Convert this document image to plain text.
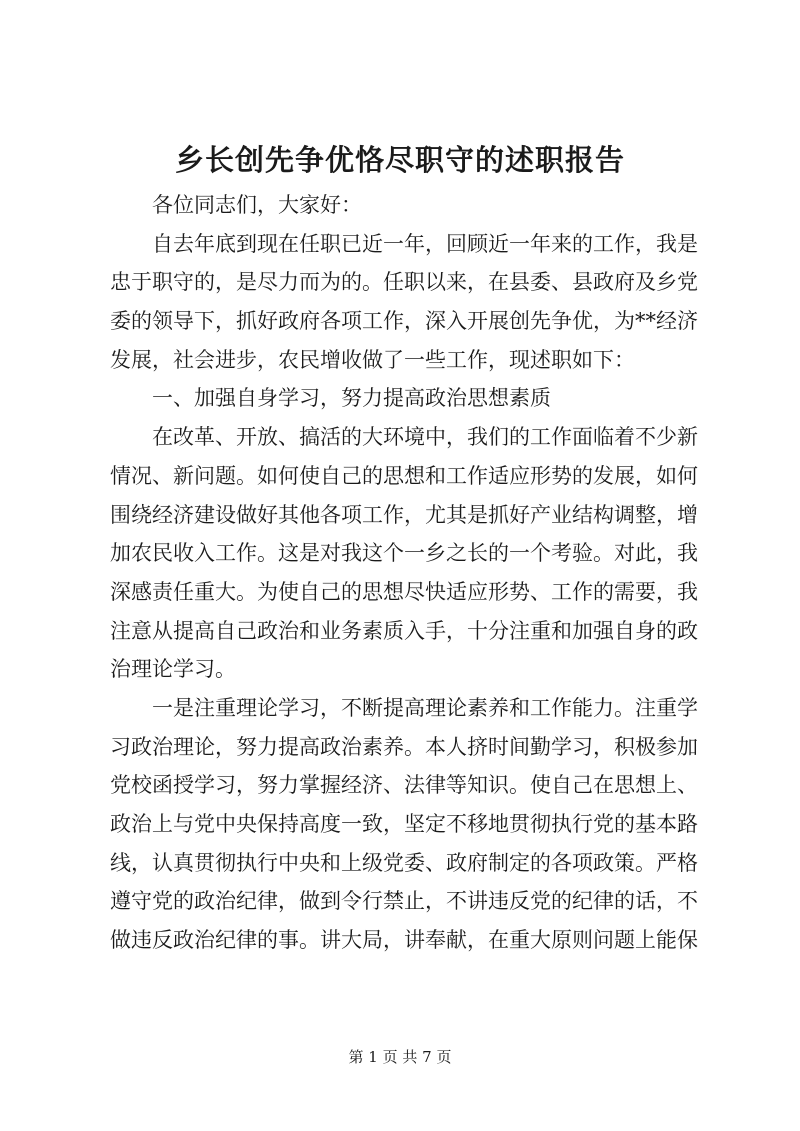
乡长创先争优恪尽职守的述职报告

各位同志们，大家好：

自去年底到现在任职已近一年，回顾近一年来的工作，我是
忠于职守的，是尽力而为的。任职以来，在县委、县政府及乡党
委的领导下，抓好政府各项工作，深入开展创先争优，为**经济
发展，社会进步，农民增收做了一些工作，现述职如下：

一、加强自身学习，努力提高政治思想素质

在改革、开放、搞活的大环境中，我们的工作面临着不少新
情况、新问题。如何使自己的思想和工作适应形势的发展，如何
围绕经济建设做好其他各项工作，尤其是抓好产业结构调整，增
加农民收入工作。这是对我这个一乡之长的一个考验。对此，我
深感责任重大。为使自己的思想尽快适应形势、工作的需要，我
注意从提高自己政治和业务素质入手，十分注重和加强自身的政
治理论学习。

一是注重理论学习，不断提高理论素养和工作能力。注重学
习政治理论，努力提高政治素养。本人挤时间勤学习，积极参加
党校函授学习，努力掌握经济、法律等知识。使自己在思想上、
政治上与党中央保持高度一致，坚定不移地贯彻执行党的基本路
线，认真贯彻执行中央和上级党委、政府制定的各项政策。严格
遵守党的政治纪律，做到令行禁止，不讲违反党的纪律的话，不
做违反政治纪律的事。讲大局，讲奉献，在重大原则问题上能保

第 1 页 共 7 页
